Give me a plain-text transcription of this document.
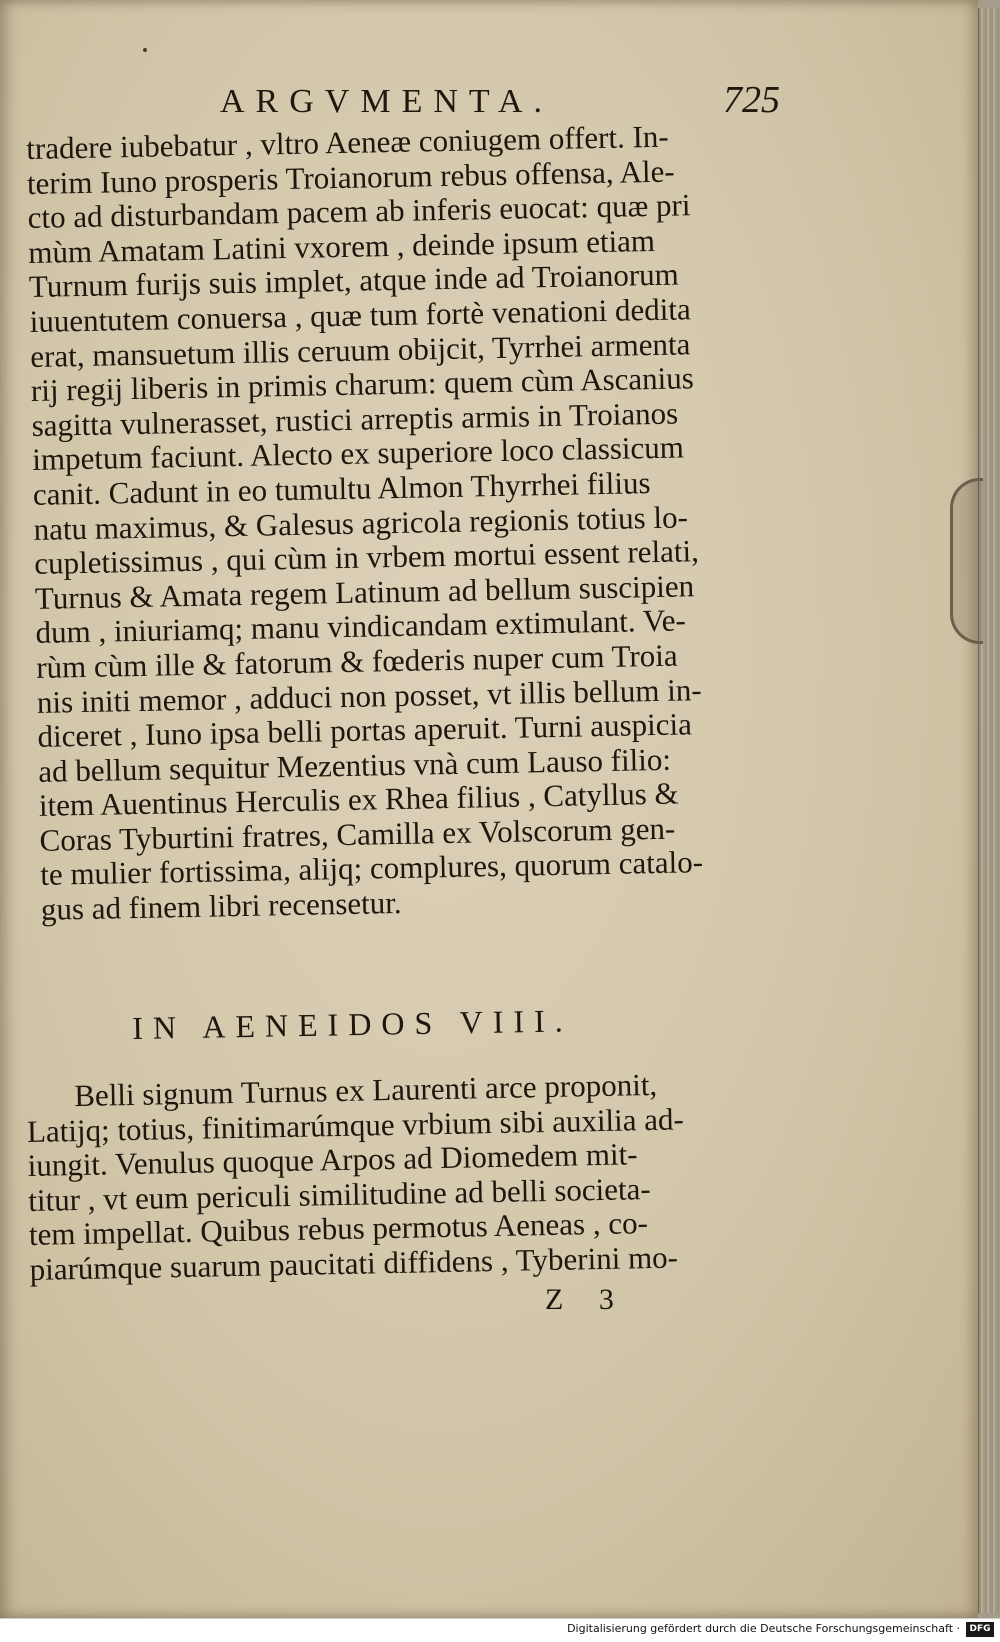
ARGVMENTA.	725
tradere iubebatur , vltro Aeneæ coniugem offert. In-
terim Iuno prosperis Troianorum rebus offensa, Ale-
cto ad disturbandam pacem ab inferis euocat: quæ pri
mùm Amatam Latini vxorem , deinde ipsum etiam
Turnum furijs suis implet, atque inde ad Troianorum
iuuentutem conuersa , quæ tum fortè venationi dedita
erat, mansuetum illis ceruum obijcit, Tyrrhei armenta
rij regij liberis in primis charum: quem cùm Ascanius
sagitta vulnerasset, rustici arreptis armis in Troianos
impetum faciunt. Alecto ex superiore loco classicum
canit. Cadunt in eo tumultu Almon Thyrrhei filius
natu maximus, & Galesus agricola regionis totius lo-
cupletissimus , qui cùm in vrbem mortui essent relati,
Turnus & Amata regem Latinum ad bellum suscipien
dum , iniuriamq; manu vindicandam extimulant. Ve-
rùm cùm ille & fatorum & fœderis nuper cum Troia
nis initi memor , adduci non posset, vt illis bellum in-
diceret , Iuno ipsa belli portas aperuit. Turni auspicia
ad bellum sequitur Mezentius vnà cum Lauso filio:
item Auentinus Herculis ex Rhea filius , Catyllus &
Coras Tyburtini fratres, Camilla ex Volscorum gen-
te mulier fortissima, alijq; complures, quorum catalo-
gus ad finem libri recensetur.
IN AENEIDOS VIII.
Belli signum Turnus ex Laurenti arce proponit,
Latijq; totius, finitimarúmque vrbium sibi auxilia ad-
iungit. Venulus quoque Arpos ad Diomedem mit-
titur , vt eum periculi similitudine ad belli societa-
tem impellat. Quibus rebus permotus Aeneas , co-
piarúmque suarum paucitati diffidens , Tyberini mo-
Z 3
Digitalisierung gefördert durch die Deutsche Forschungsgemeinschaft ·	DFG
